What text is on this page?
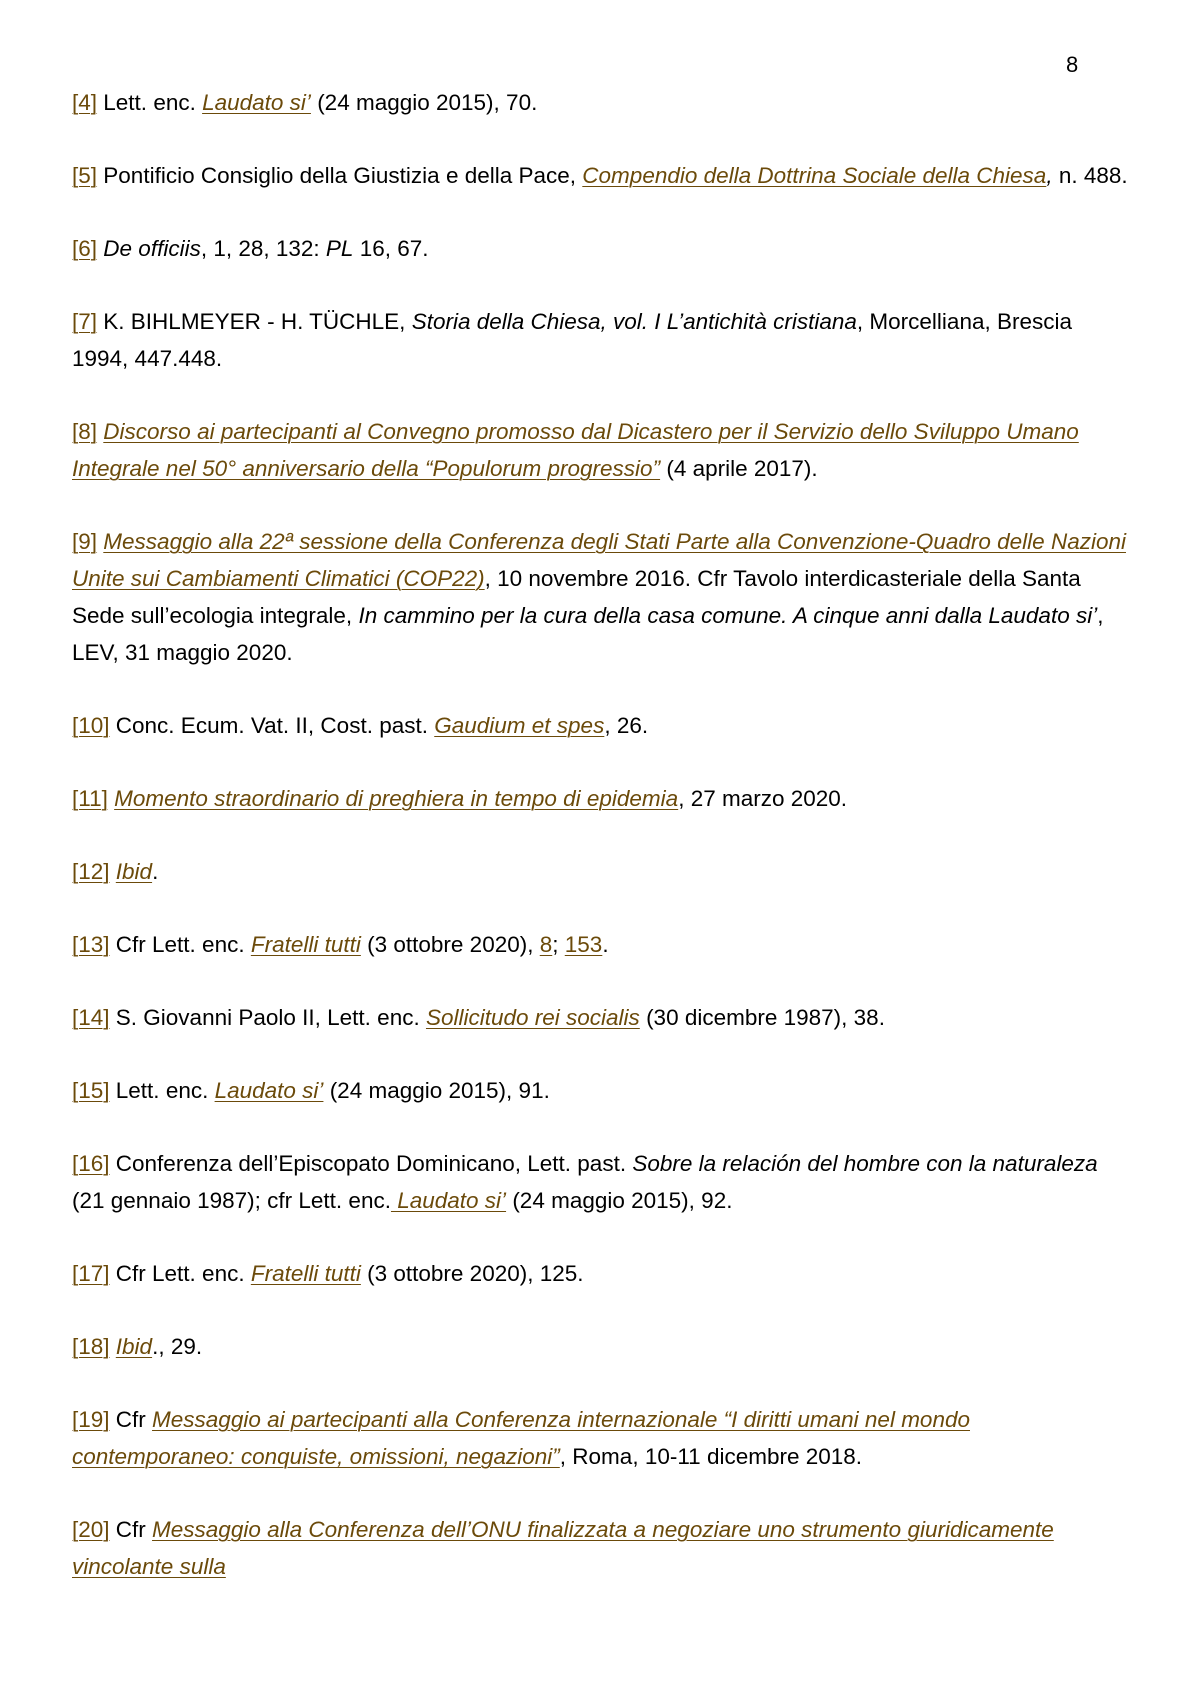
8

[4] Lett. enc. Laudato si’ (24 maggio 2015), 70.

[5] Pontificio Consiglio della Giustizia e della Pace, Compendio della Dottrina Sociale della Chiesa, n. 488.

[6] De officiis, 1, 28, 132: PL 16, 67.

[7] K. BIHLMEYER - H. TÜCHLE, Storia della Chiesa, vol. I L’antichità cristiana, Morcelliana, Brescia 1994, 447.448.

[8] Discorso ai partecipanti al Convegno promosso dal Dicastero per il Servizio dello Sviluppo Umano Integrale nel 50° anniversario della “Populorum progressio” (4 aprile 2017).

[9] Messaggio alla 22ª sessione della Conferenza degli Stati Parte alla Convenzione-Quadro delle Nazioni Unite sui Cambiamenti Climatici (COP22), 10 novembre 2016. Cfr Tavolo interdicasteriale della Santa Sede sull’ecologia integrale, In cammino per la cura della casa comune. A cinque anni dalla Laudato si’, LEV, 31 maggio 2020.

[10] Conc. Ecum. Vat. II, Cost. past. Gaudium et spes, 26.

[11] Momento straordinario di preghiera in tempo di epidemia, 27 marzo 2020.

[12] Ibid.

[13] Cfr Lett. enc. Fratelli tutti (3 ottobre 2020), 8; 153.

[14] S. Giovanni Paolo II, Lett. enc. Sollicitudo rei socialis (30 dicembre 1987), 38.

[15] Lett. enc. Laudato si’ (24 maggio 2015), 91.

[16] Conferenza dell’Episcopato Dominicano, Lett. past. Sobre la relación del hombre con la naturaleza (21 gennaio 1987); cfr Lett. enc. Laudato si’ (24 maggio 2015), 92.

[17] Cfr Lett. enc. Fratelli tutti (3 ottobre 2020), 125.

[18] Ibid., 29.

[19] Cfr Messaggio ai partecipanti alla Conferenza internazionale “I diritti umani nel mondo contemporaneo: conquiste, omissioni, negazioni”, Roma, 10-11 dicembre 2018.

[20] Cfr Messaggio alla Conferenza dell’ONU finalizzata a negoziare uno strumento giuridicamente vincolante sulla
